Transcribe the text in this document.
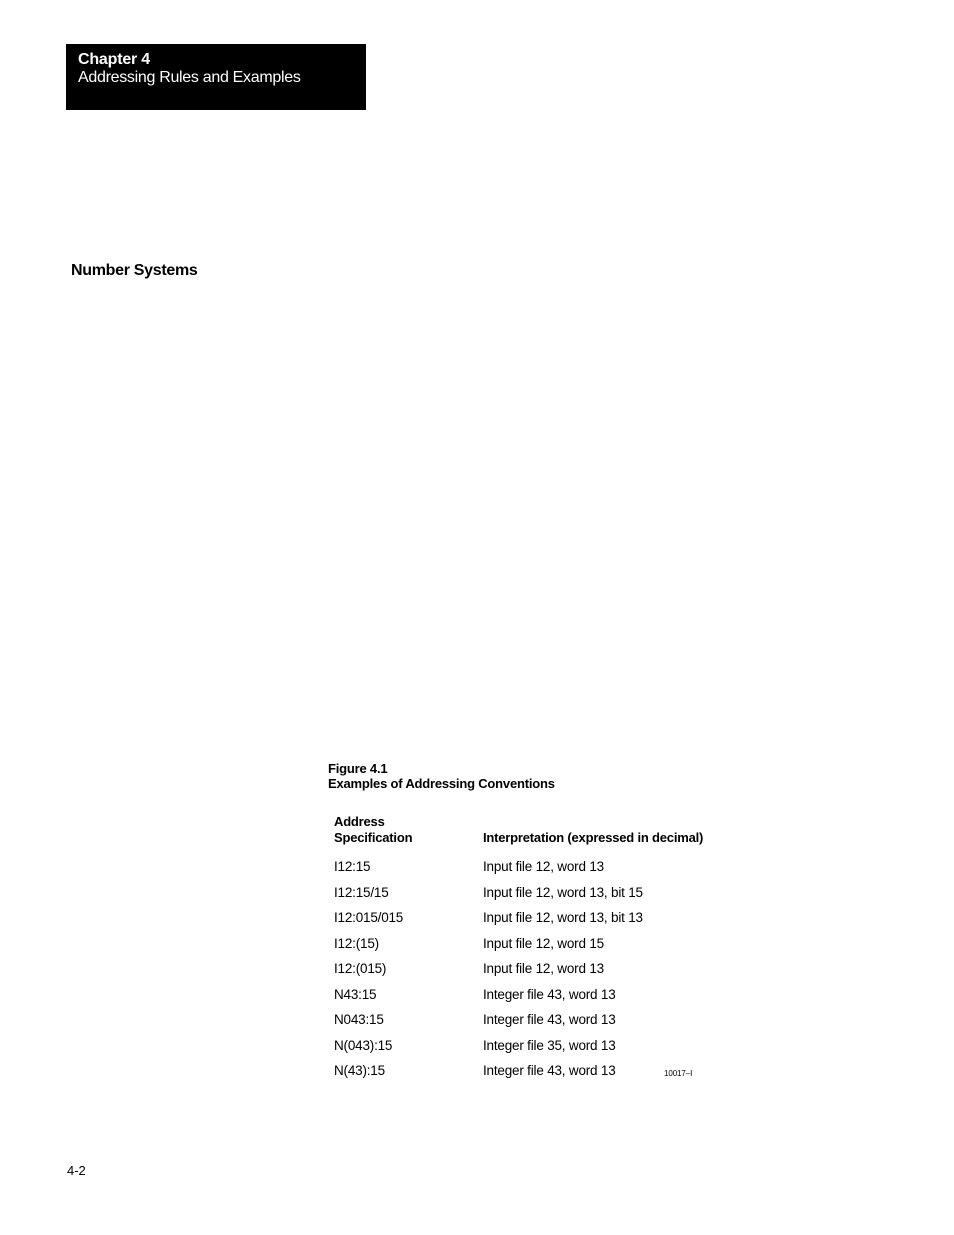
Chapter 4
Addressing Rules and Examples
Number Systems
Figure 4.1
Examples of Addressing Conventions
Address
Specification	Interpretation (expressed in decimal)
I12:15	Input file 12, word 13
I12:15/15	Input file 12, word 13, bit 15
I12:015/015	Input file 12, word 13, bit 13
I12:(15)	Input file 12, word 15
I12:(015)	Input file 12, word 13
N43:15	Integer file 43, word 13
N043:15	Integer file 43, word 13
N(043):15	Integer file 35, word 13
N(43):15	Integer file 43, word 13	10017–I
4-2
